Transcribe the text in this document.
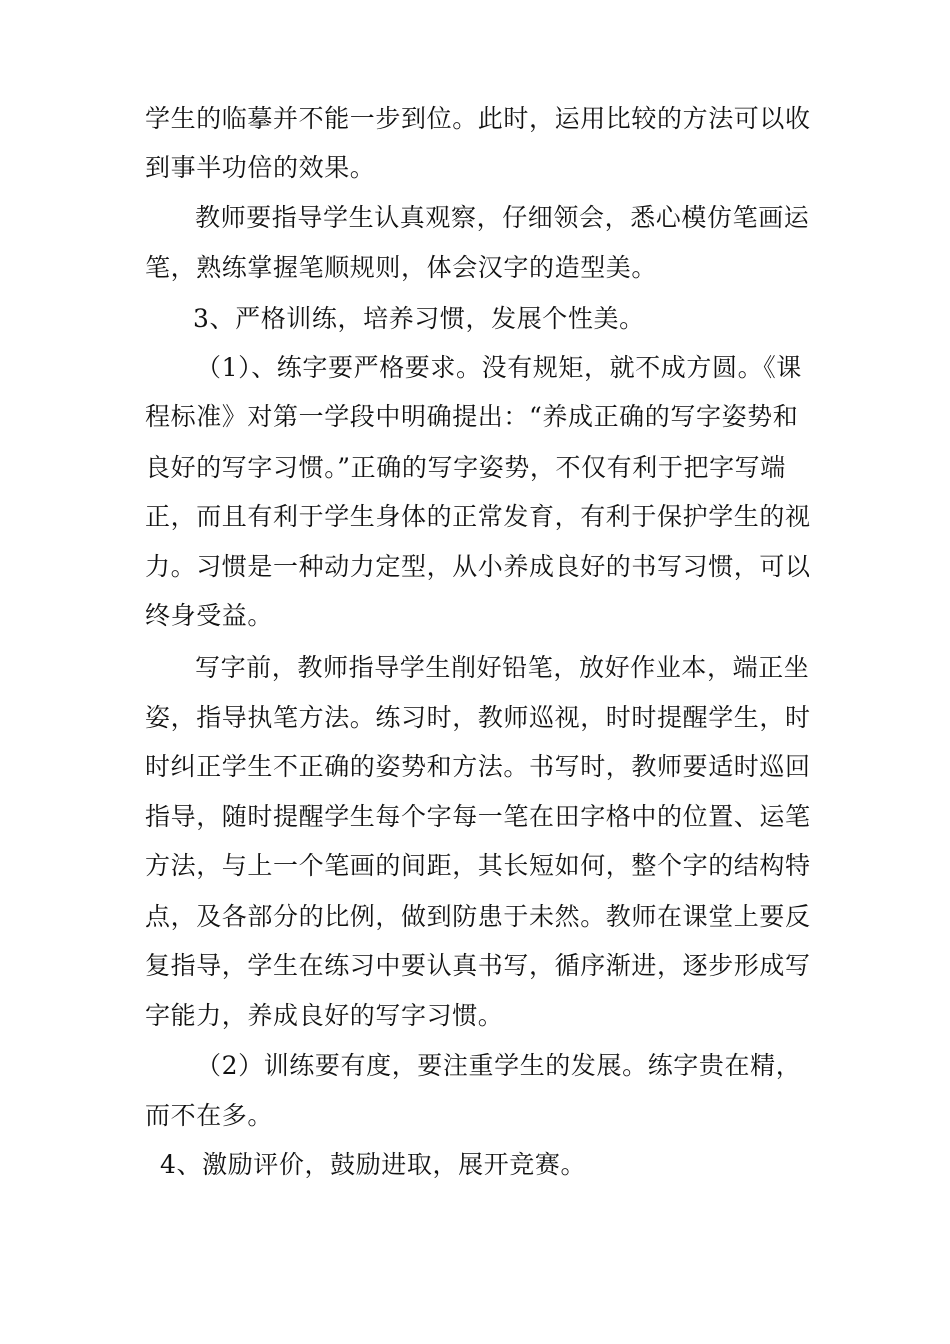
学生的临摹并不能一步到位。此时，运用比较的方法可以收
到事半功倍的效果。
教师要指导学生认真观察，仔细领会，悉心模仿笔画运
笔，熟练掌握笔顺规则，体会汉字的造型美。
3、严格训练，培养习惯，发展个性美。
（1）、练字要严格要求。没有规矩，就不成方圆。《课
程标准》对第一学段中明确提出：“养成正确的写字姿势和
良好的写字习惯。”正确的写字姿势，不仅有利于把字写端
正，而且有利于学生身体的正常发育，有利于保护学生的视
力。习惯是一种动力定型，从小养成良好的书写习惯，可以
终身受益。
写字前，教师指导学生削好铅笔，放好作业本，端正坐
姿，指导执笔方法。练习时，教师巡视，时时提醒学生，时
时纠正学生不正确的姿势和方法。书写时，教师要适时巡回
指导，随时提醒学生每个字每一笔在田字格中的位置、运笔
方法，与上一个笔画的间距，其长短如何，整个字的结构特
点，及各部分的比例，做到防患于未然。教师在课堂上要反
复指导，学生在练习中要认真书写，循序渐进，逐步形成写
字能力，养成良好的写字习惯。
（2）训练要有度，要注重学生的发展。练字贵在精，
而不在多。
4、激励评价，鼓励进取，展开竞赛。
